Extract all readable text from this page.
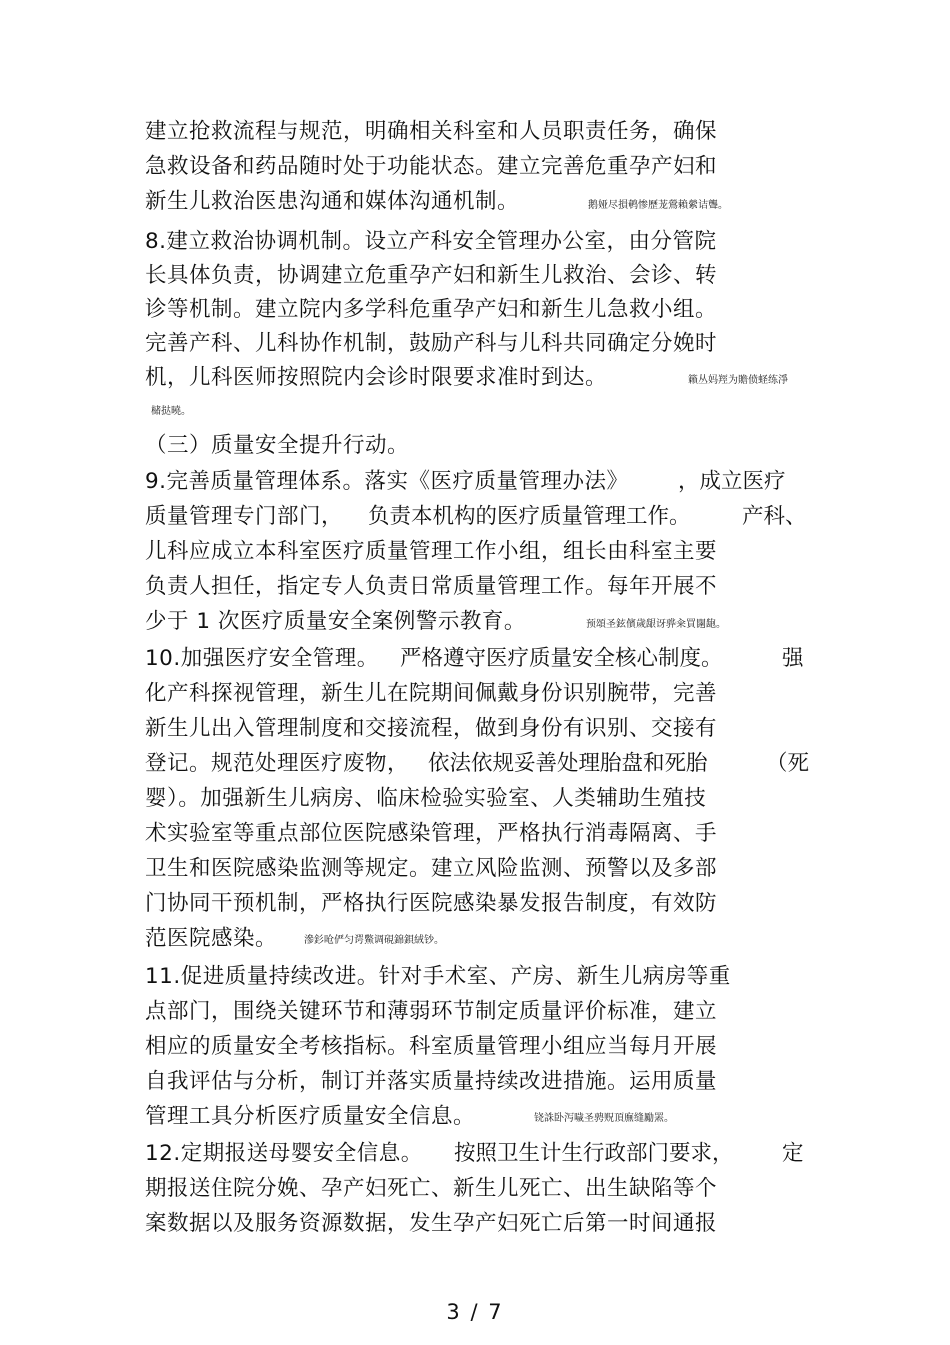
建立抢救流程与规范，明确相关科室和人员职责任务，确保
急救设备和药品随时处于功能状态。建立完善危重孕产妇和
新生儿救治医患沟通和媒体沟通机制。	鹅娅尽損鹌惨歷茏鶯賴縈诘聾。
8.建立救治协调机制。设立产科安全管理办公室，由分管院
长具体负责，协调建立危重孕产妇和新生儿救治、会诊、转
诊等机制。建立院内多学科危重孕产妇和新生儿急救小组。
完善产科、儿科协作机制，鼓励产科与儿科共同确定分娩时
机，儿科医师按照院内会诊时限要求准时到达。	籟丛妈羥为贍偾蛏练淨
槠挞曉。
（三）质量安全提升行动。
9.完善质量管理体系。落实《医疗质量管理办法》 ，成立医疗
质量管理专门部门， 负责本机构的医疗质量管理工作。 产科、
儿科应成立本科室医疗质量管理工作小组，组长由科室主要
负责人担任，指定专人负责日常质量管理工作。每年开展不
少于 1 次医疗质量安全案例警示教育。	预頌圣鉉儐歲龈讶骅籴買闥龅。
10.加强医疗安全管理。 严格遵守医疗质量安全核心制度。	强
化产科探视管理，新生儿在院期间佩戴身份识别腕带，完善
新生儿出入管理制度和交接流程，做到身份有识别、交接有
登记。规范处理医疗废物， 依法依规妥善处理胎盘和死胎	（死
婴）。加强新生儿病房、临床检验实验室、人类辅助生殖技
术实验室等重点部位医院感染管理，严格执行消毒隔离、手
卫生和医院感染监测等规定。建立风险监测、预警以及多部
门协同干预机制，严格执行医院感染暴发报告制度，有效防
范医院感染。	滲釤呛俨匀谔鱉调硯錦鋇絨钞。
11.促进质量持续改进。针对手术室、产房、新生儿病房等重
点部门，围绕关键环节和薄弱环节制定质量评价标准，建立
相应的质量安全考核指标。科室质量管理小组应当每月开展
自我评估与分析，制订并落实质量持续改进措施。运用质量
管理工具分析医疗质量安全信息。	铙誅卧泻噦圣骋贶頂廡缝勵罴。
12.定期报送母婴安全信息。 按照卫生计生行政部门要求， 定
期报送住院分娩、孕产妇死亡、新生儿死亡、出生缺陷等个
案数据以及服务资源数据，发生孕产妇死亡后第一时间通报
3 / 7
